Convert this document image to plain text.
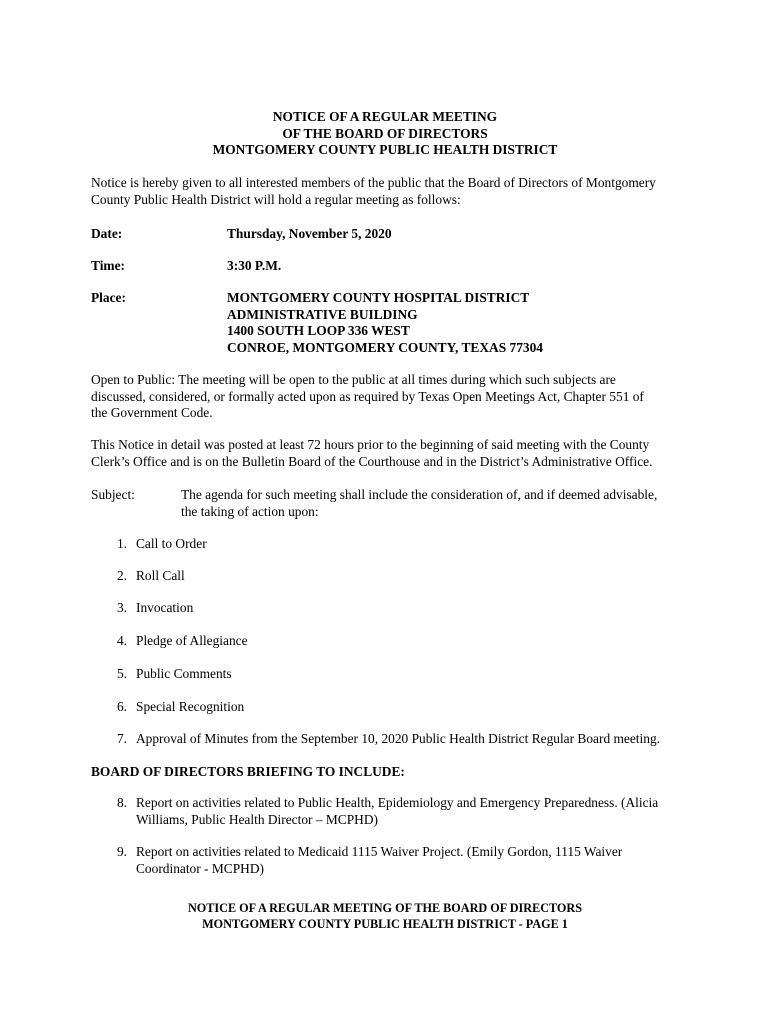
NOTICE OF A REGULAR MEETING
OF THE BOARD OF DIRECTORS
MONTGOMERY COUNTY PUBLIC HEALTH DISTRICT
Notice is hereby given to all interested members of the public that the Board of Directors of Montgomery
County Public Health District will hold a regular meeting as follows:
Date:	Thursday, November 5, 2020
Time:	3:30 P.M.
Place:	MONTGOMERY COUNTY HOSPITAL DISTRICT
ADMINISTRATIVE BUILDING
1400 SOUTH LOOP 336 WEST
CONROE, MONTGOMERY COUNTY, TEXAS 77304
Open to Public: The meeting will be open to the public at all times during which such subjects are
discussed, considered, or formally acted upon as required by Texas Open Meetings Act, Chapter 551 of
the Government Code.
This Notice in detail was posted at least 72 hours prior to the beginning of said meeting with the County
Clerk’s Office and is on the Bulletin Board of the Courthouse and in the District’s Administrative Office.
Subject:	The agenda for such meeting shall include the consideration of, and if deemed advisable,
the taking of action upon:
1. Call to Order
2. Roll Call
3. Invocation
4. Pledge of Allegiance
5. Public Comments
6. Special Recognition
7. Approval of Minutes from the September 10, 2020 Public Health District Regular Board meeting.
BOARD OF DIRECTORS BRIEFING TO INCLUDE:
8. Report on activities related to Public Health, Epidemiology and Emergency Preparedness. (Alicia
Williams, Public Health Director – MCPHD)
9. Report on activities related to Medicaid 1115 Waiver Project. (Emily Gordon, 1115 Waiver
Coordinator - MCPHD)
NOTICE OF A REGULAR MEETING OF THE BOARD OF DIRECTORS
MONTGOMERY COUNTY PUBLIC HEALTH DISTRICT - PAGE 1
